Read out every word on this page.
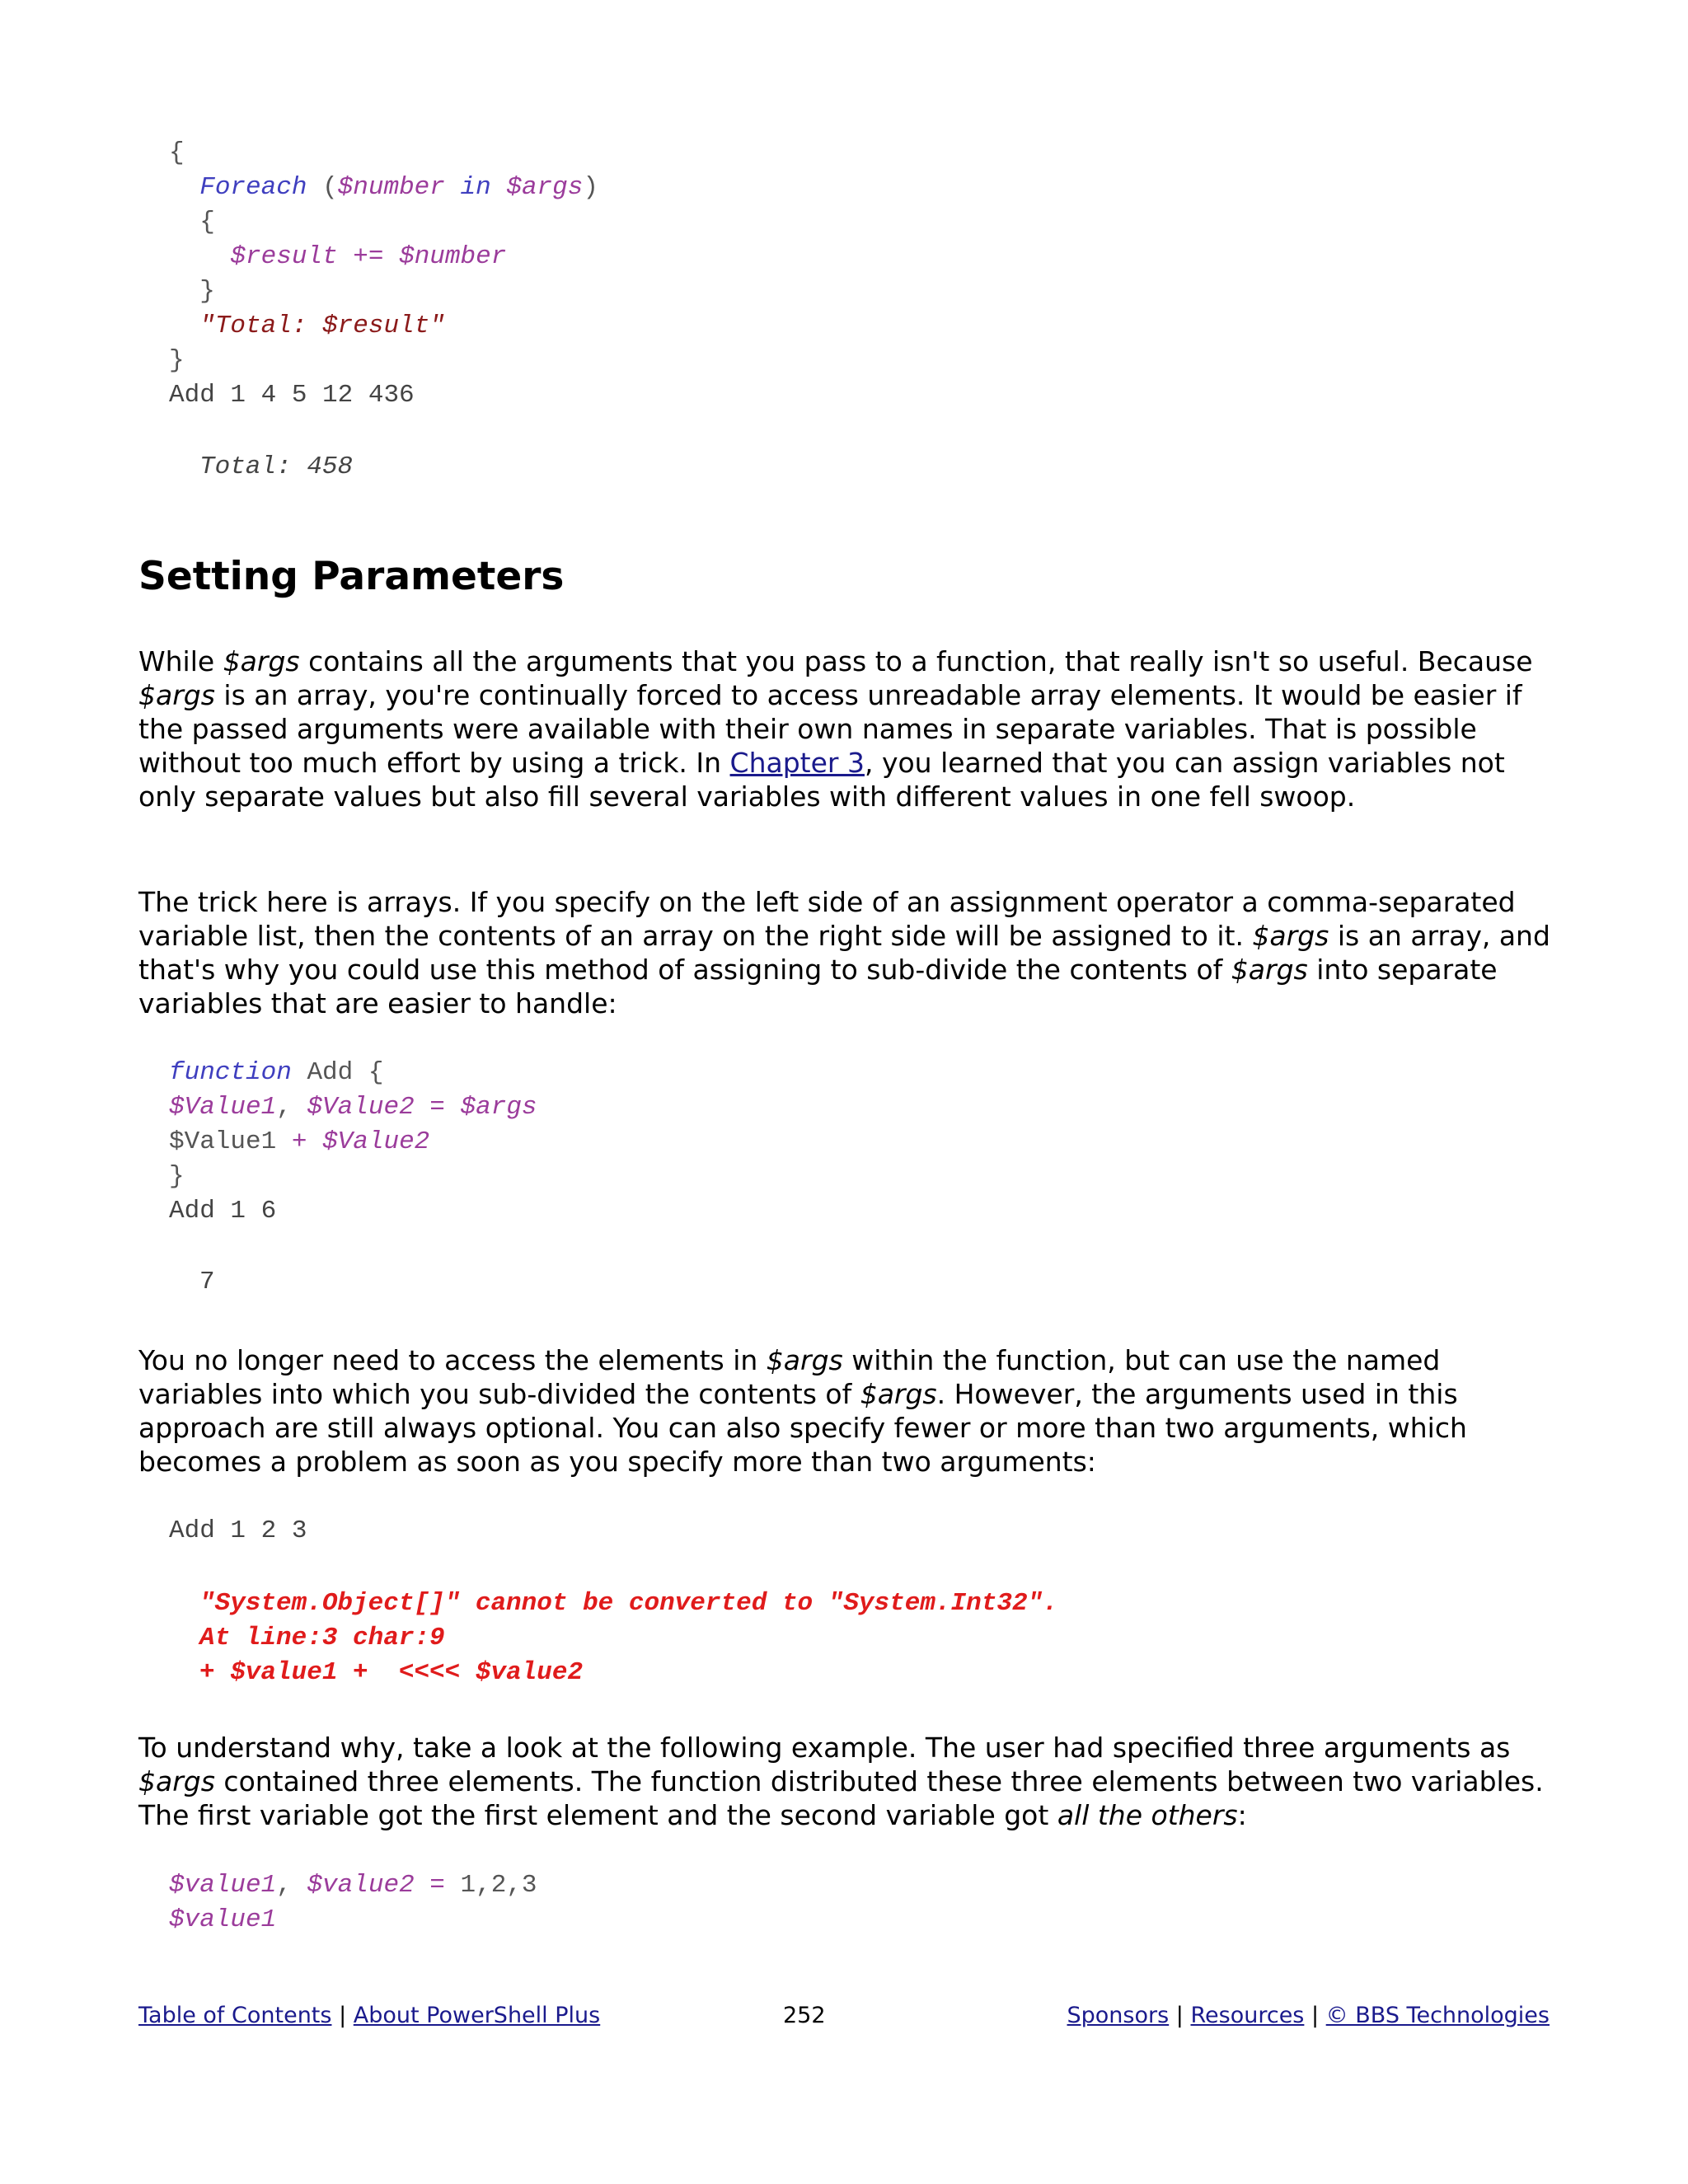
{
Foreach ($number in $args)
{
$result += $number
}
"Total: $result"
}
Add 1 4 5 12 436
Total: 458
Setting Parameters

While $args contains all the arguments that you pass to a function, that really isn't so useful. Because $args is an array, you're continually forced to access unreadable array elements. It would be easier if the passed arguments were available with their own names in separate variables. That is possible without too much effort by using a trick. In Chapter 3, you learned that you can assign variables not only separate values but also fill several variables with different values in one fell swoop.

The trick here is arrays. If you specify on the left side of an assignment operator a comma-separated variable list, then the contents of an array on the right side will be assigned to it. $args is an array, and that's why you could use this method of assigning to sub-divide the contents of $args into separate variables that are easier to handle:

function Add {
$Value1, $Value2 = $args
$Value1 + $Value2
}
Add 1 6
7

You no longer need to access the elements in $args within the function, but can use the named variables into which you sub-divided the contents of $args. However, the arguments used in this approach are still always optional. You can also specify fewer or more than two arguments, which becomes a problem as soon as you specify more than two arguments:

Add 1 2 3
"System.Object[]" cannot be converted to "System.Int32".
At line:3 char:9
+ $value1 +  <<<< $value2

To understand why, take a look at the following example. The user had specified three arguments as $args contained three elements. The function distributed these three elements between two variables. The first variable got the first element and the second variable got all the others:

$value1, $value2 = 1,2,3
$value1
Table of Contents | About PowerShell Plus	252	Sponsors | Resources | © BBS Technologies
